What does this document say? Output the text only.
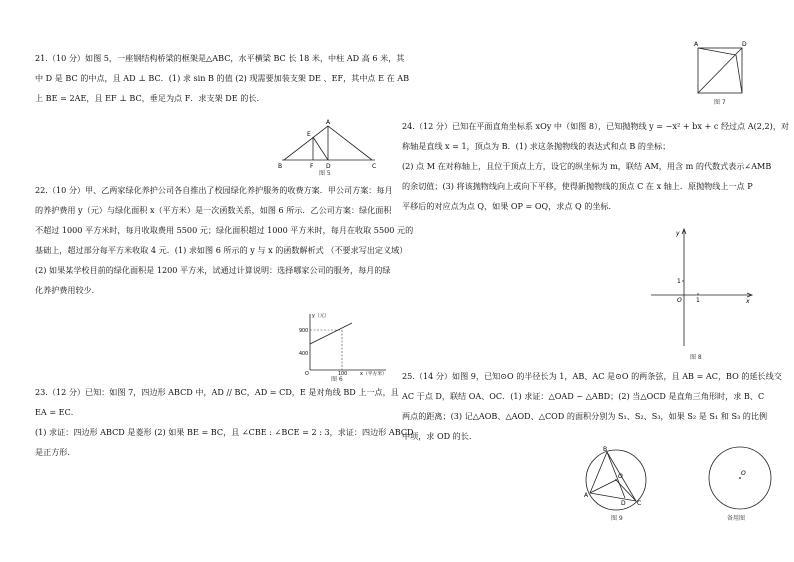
21.（10 分）如图 5，一座钢结构桥梁的框架是△ABC，水平横梁 BC 长 18 米，中柱 AD 高 6 米，其

中 D 是 BC 的中点，且 AD ⊥ BC．(1) 求 sin B 的值 (2) 现需要加装支架 DE 、EF，其中点 E 在 AB

上 BE = 2AE，且 EF ⊥ BC，垂足为点 F．求支架 DE 的长.

A
E
B	F D	C
图 5

22.（10 分）甲、乙两家绿化养护公司各自推出了校园绿化养护服务的收费方案．甲公司方案：每月

的养护费用 y（元）与绿化面积 x（平方米）是一次函数关系，如图 6 所示．乙公司方案：绿化面积

不超过 1000 平方米时，每月收取费用 5500 元；绿化面积超过 1000 平方米时，每月在收取 5500 元的

基础上，超过部分每平方米收取 4 元．(1) 求如图 6 所示的 y 与 x 的函数解析式 （不要求写出定义域）

(2) 如果某学校目前的绿化面积是 1200 平方米，试通过计算说明：选择哪家公司的服务，每月的绿

化养护费用较少.

y（元）
900
400
O	100	x（平方米）
图 6

23.（12 分）已知：如图 7，四边形 ABCD 中，AD // BC，AD = CD，E 是对角线 BD 上一点，且

EA = EC．

(1) 求证：四边形 ABCD 是菱形 (2) 如果 BE = BC，且 ∠CBE : ∠BCE = 2 : 3，求证：四边形 ABCD

是正方形.

A	D
图 7

24.（12 分）已知在平面直角坐标系 xOy 中（如图 8），已知抛物线 y = −x² + bx + c 经过点 A(2,2)，对

称轴是直线 x = 1，顶点为 B．(1) 求这条抛物线的表达式和点 B 的坐标；

(2) 点 M 在对称轴上，且位于顶点上方，设它的纵坐标为 m，联结 AM，用含 m 的代数式表示∠AMB

的余切值；(3) 将该抛物线向上或向下平移，使得新抛物线的顶点 C 在 x 轴上．原抛物线上一点 P

平移后的对应点为点 Q，如果 OP = OQ，求点 Q 的坐标.

y
x
O
1
1
图 8

25.（14 分）如图 9，已知⊙O 的半径长为 1，AB、AC 是⊙O 的两条弦，且 AB = AC，BO 的延长线交

AC 于点 D，联结 OA、OC．(1) 求证：△OAD ∽ △ABD；(2) 当△OCD 是直角三角形时，求 B、C

两点的距离；(3) 记△AOB、△AOD、△COD 的面积分别为 S₁、S₂、S₃，如果 S₂ 是 S₁ 和 S₃ 的比例

中项，求 OD 的长.

B
O
A
D C
图 9
O
备用图
